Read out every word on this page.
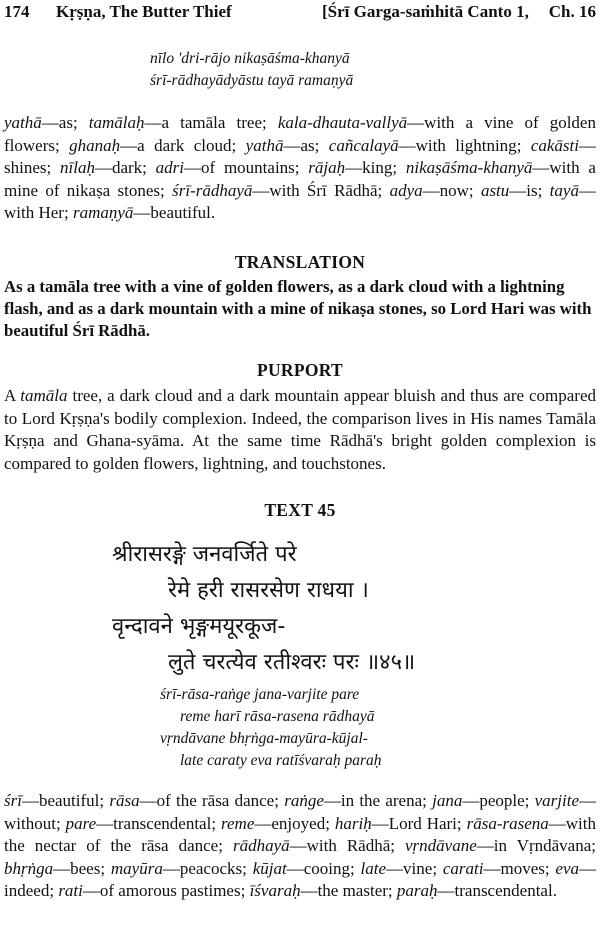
174 Kṛṣṇa, The Butter Thief	[Śrī Garga-saṁhitā Canto 1, Ch. 16
nīlo 'dri-rājo nikaṣāśma-khanyā
śrī-rādhayādyāstu tayā ramaṇyā

yathā—as; tamālaḥ—a tamāla tree; kala-dhauta-vallyā—with a vine of golden flowers; ghanaḥ—a dark cloud; yathā—as; cañcalayā—with lightning; cakāsti—shines; nīlaḥ—dark; adri—of mountains; rājaḥ—king; nikaṣāśma-khanyā—with a mine of nikaṣa stones; śrī-rādhayā—with Śrī Rādhā; adya—now; astu—is; tayā—with Her; ramaṇyā—beautiful.

TRANSLATION
As a tamāla tree with a vine of golden flowers, as a dark cloud with a lightning flash, and as a dark mountain with a mine of nikaṣa stones, so Lord Hari was with beautiful Śrī Rādhā.
PURPORT

A tamāla tree, a dark cloud and a dark mountain appear bluish and thus are compared to Lord Kṛṣṇa's bodily complexion. Indeed, the comparison lives in His names Tamāla Kṛṣṇa and Ghana-syāma. At the same time Rādhā's bright golden complexion is compared to golden flowers, lightning, and touchstones.

TEXT 45
श्रीरासरङ्गे जनवर्जिते परे
रेमे हरी रासरसेण राधया ।
वृन्दावने भृङ्गमयूरकूज-
लुते चरत्येव रतीश्वरः परः ॥४५॥
śrī-rāsa-raṅge jana-varjite pare
reme harī rāsa-rasena rādhayā
vṛndāvane bhṛṅga-mayūra-kūjal-
late caraty eva ratīśvaraḥ paraḥ

śrī—beautiful; rāsa—of the rāsa dance; raṅge—in the arena; jana—people; varjite—without; pare—transcendental; reme—enjoyed; hariḥ—Lord Hari; rāsa-rasena—with the nectar of the rāsa dance; rādhayā—with Rādhā; vṛndāvane—in Vṛndāvana; bhṛṅga—bees; mayūra—peacocks; kūjat—cooing; late—vine; carati—moves; eva—indeed; rati—of amorous pastimes; īśvaraḥ—the master; paraḥ—transcendental.
